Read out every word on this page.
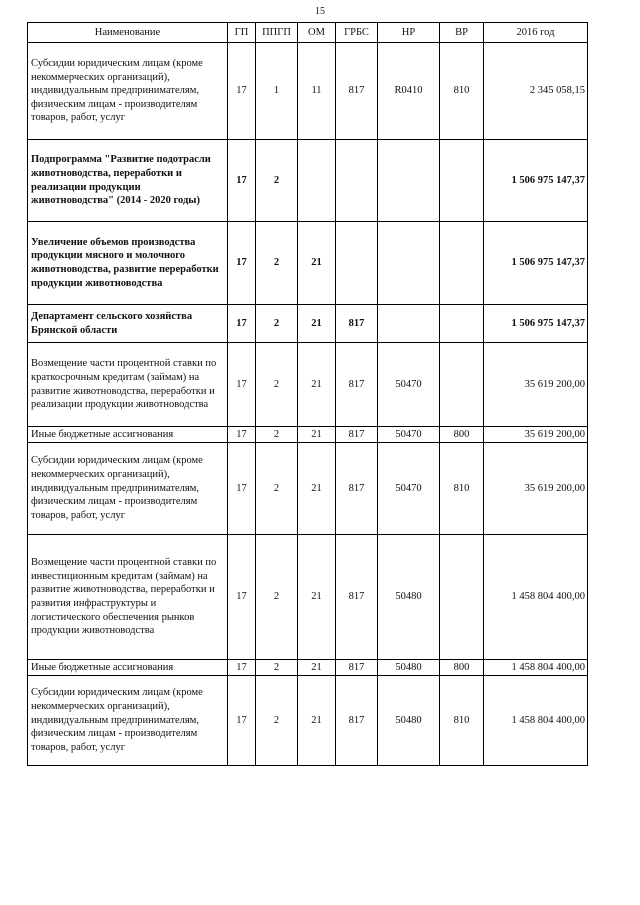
15
Наименование	ГП	ППГП	ОМ	ГРБС	НР	ВР	2016 год
Субсидии юридическим лицам (кроме некоммерческих организаций), индивидуальным предпринимателям, физическим лицам - производителям товаров, работ, услуг	17	1	11	817	R0410	810	2 345 058,15
Подпрограмма "Развитие подотрасли животноводства, переработки и реализации продукции животноводства" (2014 - 2020 годы)	17	2					1 506 975 147,37
Увеличение объемов производства продукции мясного и молочного животноводства, развитие переработки продукции животноводства	17	2	21				1 506 975 147,37
Департамент сельского хозяйства Брянской области	17	2	21	817			1 506 975 147,37
Возмещение части процентной ставки по краткосрочным кредитам (займам) на развитие животноводства, переработки и реализации продукции животноводства	17	2	21	817	50470		35 619 200,00
Иные бюджетные ассигнования	17	2	21	817	50470	800	35 619 200,00
Субсидии юридическим лицам (кроме некоммерческих организаций), индивидуальным предпринимателям, физическим лицам - производителям товаров, работ, услуг	17	2	21	817	50470	810	35 619 200,00
Возмещение части процентной ставки по инвестиционным кредитам (займам) на развитие животноводства, переработки и развития инфраструктуры и логистического обеспечения рынков продукции животноводства	17	2	21	817	50480		1 458 804 400,00
Иные бюджетные ассигнования	17	2	21	817	50480	800	1 458 804 400,00
Субсидии юридическим лицам (кроме некоммерческих организаций), индивидуальным предпринимателям, физическим лицам - производителям товаров, работ, услуг	17	2	21	817	50480	810	1 458 804 400,00
